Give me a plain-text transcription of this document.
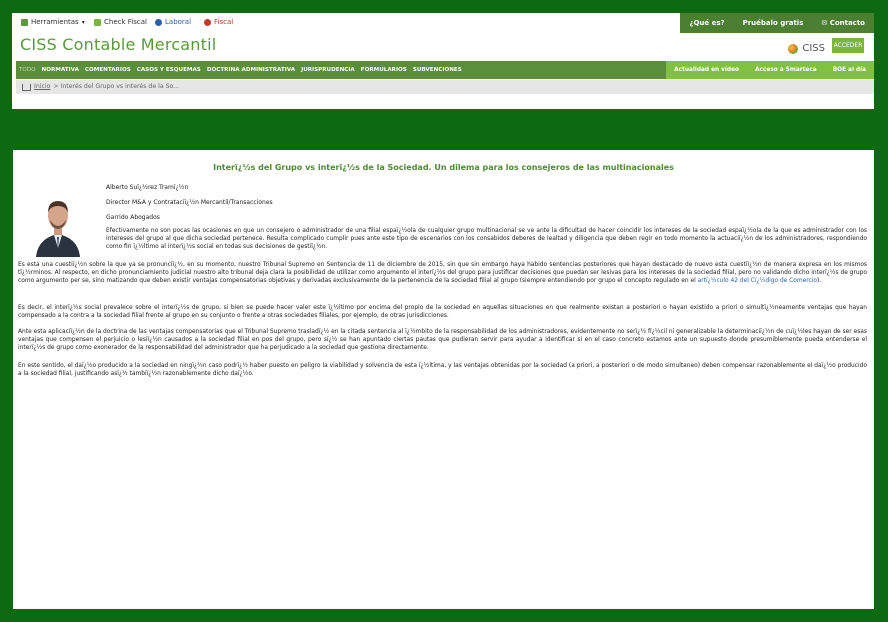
Herramientas ▾	Check Fiscal	Laboral	Fiscal	¿Qué es?	Pruébalo gratis	✉ Contacto
CISS Contable Mercantil	CISS ACCEDER
TODO	NORMATIVA	COMENTARIOS	CASOS Y ESQUEMAS	DOCTRINA ADMINISTRATIVA	JURISPRUDENCIA	FORMULARIOS	SUBVENCIONES	Actualidad en vídeo	Acceso a Smarteca	BOE al día
Inicio > Interés del Grupo vs interés de la So...
Interï¿½s del Grupo vs interï¿½s de la Sociedad. Un dilema para los consejeros de las multinacionales
Alberto Suï¿½rez Tramï¿½n
Director M&A y Contrataciï¿½n Mercantil/Transacciones
Garrido Abogados
Efectivamente no son pocas las ocasiones en que un consejero o administrador de una filial espaï¿½ola de cualquier grupo multinacional se ve ante la dificultad de hacer coincidir los intereses de la sociedad espaï¿½ola de la que es administrador con los intereses del grupo al que dicha sociedad pertenece. Resulta complicado cumplir pues ante este tipo de escenarios con los consabidos deberes de lealtad y diligencia que deben regir en todo momento la actuaciï¿½n de los administradores, respondiendo como fin ï¿½ltimo al interï¿½s social en todas sus decisiones de gestiï¿½n.
Es esta una cuestiï¿½n sobre la que ya se pronunciï¿½, en su momento, nuestro Tribunal Supremo en Sentencia de 11 de diciembre de 2015, sin que sin embargo haya habido sentencias posteriores que hayan destacado de nuevo esta cuestiï¿½n de manera expresa en los mismos tï¿½rminos. Al respecto, en dicho pronunciamiento judicial nuestro alto tribunal deja clara la posibilidad de utilizar como argumento el interï¿½s del grupo para justificar decisiones que puedan ser lesivas para los intereses de la sociedad filial, pero no validando dicho interï¿½s de grupo como argumento per se, sino matizando que deben existir ventajas compensatorias objetivas y derivadas exclusivamente de la pertenencia de la sociedad filial al grupo (siempre entendiendo por grupo el concepto regulado en el artï¿½culo 42 del Cï¿½digo de Comercio).
Es decir, el interï¿½s social prevalece sobre el interï¿½s de grupo, si bien se puede hacer valer este ï¿½ltimo por encima del propio de la sociedad en aquellas situaciones en que realmente existan a posteriori o hayan existido a priori o simultï¿½neamente ventajas que hayan compensado a la contra a la sociedad filial frente al grupo en su conjunto o frente a otras sociedades filiales, por ejemplo, de otras jurisdicciones.
Ante esta aplicaciï¿½n de la doctrina de las ventajas compensatorias que el Tribunal Supremo trasladï¿½ en la citada sentencia al ï¿½mbito de la responsabilidad de los administradores, evidentemente no serï¿½ fï¿½cil ni generalizable la determinaciï¿½n de cuï¿½les hayan de ser esas ventajas que compensen el perjuicio o lesiï¿½n causados a la sociedad filial en pos del grupo, pero sï¿½ se han apuntado ciertas pautas que pudieran servir para ayudar a identificar si en el caso concreto estamos ante un supuesto donde presumiblemente pueda entenderse el interï¿½s de grupo como exonerador de la responsabilidad del administrador que ha perjudicado a la sociedad que gestiona directamente.
En este sentido, el daï¿½o producido a la sociedad en ningï¿½n caso podrï¿½ haber puesto en peligro la viabilidad y solvencia de esta ï¿½ltima, y las ventajas obtenidas por la sociedad (a priori, a posteriori o de modo simultaneo) deben compensar razonablemente el daï¿½o producido a la sociedad filial, justificando asï¿½ tambiï¿½n razonablemente dicho daï¿½o.
